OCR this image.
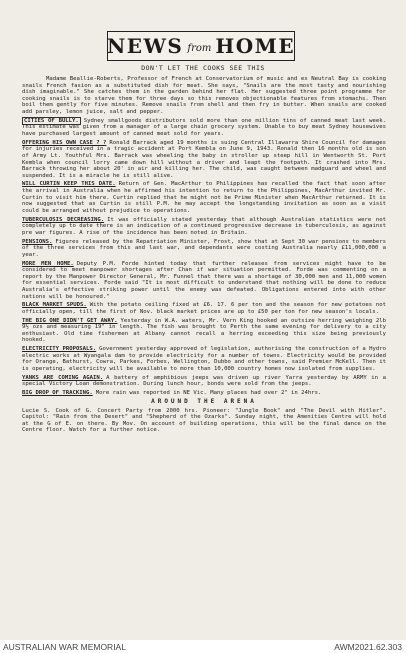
NEWS from HOME
DON'T LET THE COOKS SEE THIS
Madame Beallie-Roberts, Professor of French at Conservatorium of music and ex Neutral Bay is cooking snails French fasion as a substituted dish for meat. She says, "Snails are the most tasty and nourishing dish imaginable." She catches them in the garden behind her flat. Her suggested three point programme for cooking snails is to starve them for three days so this removes objectionable features from stomachs. Then boil them gently for five minutes. Remove snails from shell and then fry in butter. When snails are cooked add parsley, lemon juice, salt and pepper.
CITIES OF BULLY. Sydney smallgoods distributors sold more than one million tins of canned meat last week. This estimate was given from a manager of a large chain grocery system. Unable to buy meat Sydney housewives have purchased largest amount of canned meat sold for years.
OFFERING HIS OWN CASE ? ? Ronald Barrack aged 19 months is suing Central Illawarra Shire Council for damages for injuries received in a tragic accident at Port Kembla on June 9, 1943. Ronald then 16 months old is son of Army Lt. Youthful Mrs. Barrack was wheeling the baby in stroller up steep hill in Wentworth St. Port Kembla when council lorry came down hill without a driver and leapt the footpath. It crashed into Mrs. Barrack throwing her about 20' in air and killing her. The child, was caught between madguard and wheel and suspended. It is a miracle he is still alive.
WILL CURTIN KEEP THIS DATE. Return of Gen. MacArthur to Philippines has recalled the fact that soon after the arrival in Australia when he affirmed his intention to return to the Philippines, MacArthur invited Mr. Curtin to visit him there. Curtin replied that he might not be Prime Minister when MacArthur returned. It is now suggested that as Curtin is still P.M. he may accept the longstanding invitation as soon as a visit could be arranged without prejudice to operations.
TUBERCULOSIS DECREASING. It was officially stated yesterday that although Australian statistics were not completely up to date there is an indication of a continued progressive decrease in tuberculosis, as against pre war figures. A rise of the incidence has been noted in Britain.
PENSIONS. Figures released by the Repatriation Minister, Frost, show that at Sept 30 war pensions to members of the three services from this and last war, and dependants were costing Australia nearly £11,000,000 a year.
MORE MEN HOME. Deputy P.M. Forde hinted today that further releases from services might have to be considered to meet manpower shortages after Chan if war situation permitted. Forde was commenting on a report by the Manpower Director General, Mr. Funnel that there was a shortage of 30,000 men and 11,000 women for essential services. Forde said "It is most difficult to understand that nothing will be done to reduce Australia's effective striking power until the enemy was defeated. Obligations entered into with other nations will be honoured."
BLACK MARKET SPUDS. With the potato ceiling fixed at £6. 17. 6 per ton and the season for new potatoes not officially open, till the first of Nov. black market prices are up to £50 per ton for new season's locals.
THE BIG ONE DIDN'T GET AWAY. Yesterday in W.A. waters, Mr. Vern King hooked an outsize herring weighing 2lb 9½ ozs and measuring 19" in length. The fish was brought to Perth the same evening for delivery to a city enthusiast. Old time fishermen at Albany cannot recall a herring exceeding this size being previously hooked.
ELECTRICITY PROPOSALS. Government yesterday approved of legislation, authorising the construction of a Hydro electric works at Wyangala dam to provide electricity for a number of towns. Electricity would be provided for Orange, Bathurst, Cowra, Parkes, Forbes, Wellington, Dubbo and other towns, said Premier McKell. Then it is operating, electricity will be available to more than 10,000 country homes now isolated from supplies.
YANKS ARE COMING AGAIN. A battery of amphibious jeeps was driven up river Yarra yesterday by ARMY in a special Victory Loan demonstration. During lunch hour, bonds were sold from the jeeps.
BIG DROP OF TRACKING. More rain was reported in NE Vic. Many places had over 2" in 24hrs.
AROUND THE ARENA
Lucie S. Cook of G. Concert Party from 2000 hrs. Pioneer: "Jungle Book" and "The Devil with Hitler". Capitol: "Rain from the Desert" and "Shepherd of the Ozarks". Sunday night, the Amenities Centre will hold at the G of E. on there. By Mov. On account of building operations, this will be the final dance on the Centre floor. Watch for a further notice.
AUSTRALIAN WAR MEMORIAL	AWM2021.62.303
